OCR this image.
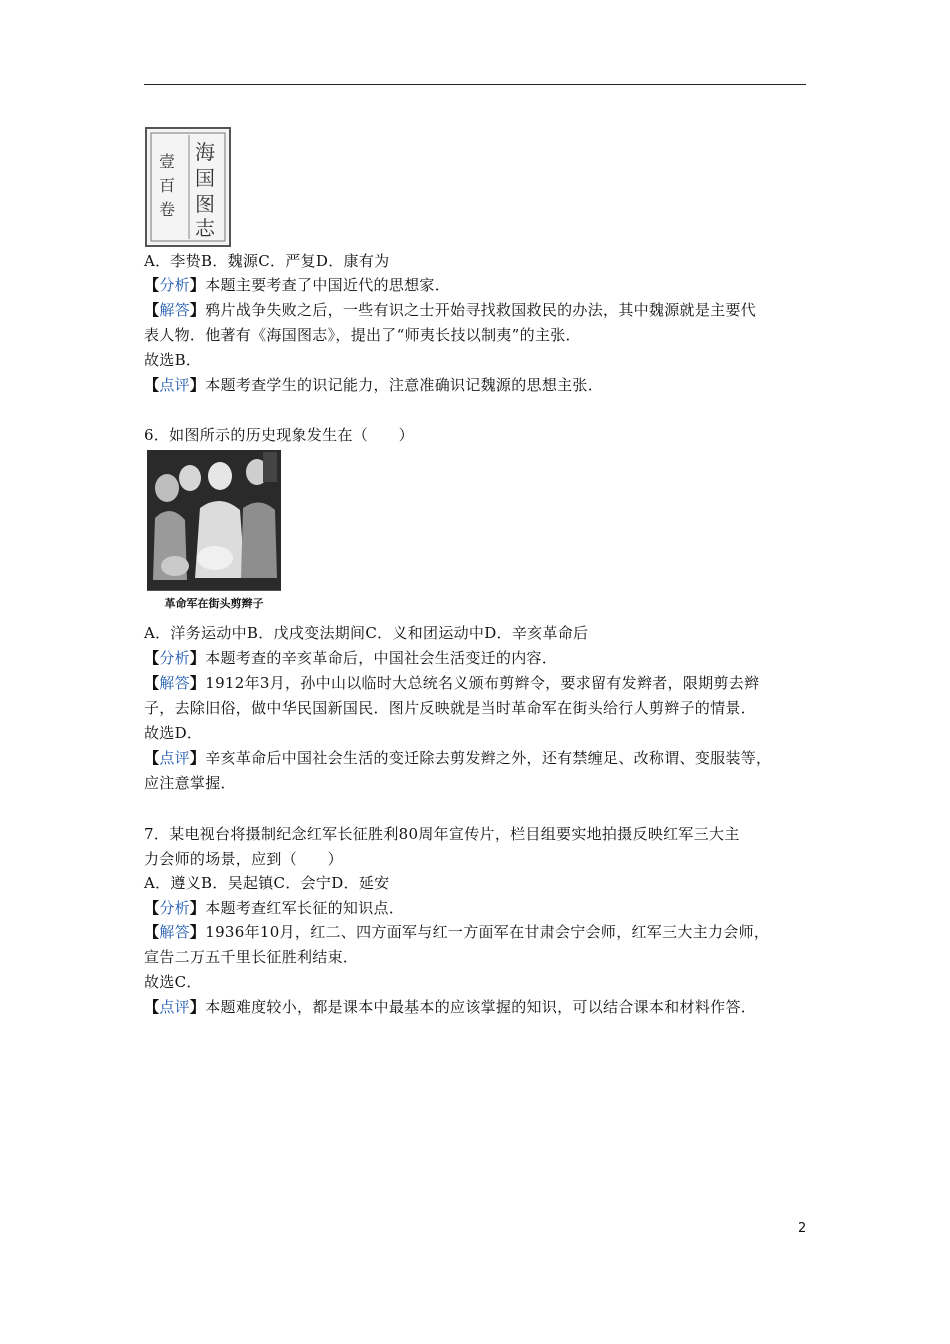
海
国
图
志
壹
百
卷
A．李贽B．魏源C．严复D．康有为
【分析】本题主要考查了中国近代的思想家．
【解答】鸦片战争失败之后，一些有识之士开始寻找救国救民的办法，其中魏源就是主要代
表人物．他著有《海国图志》，提出了“师夷长技以制夷”的主张．
故选B．
【点评】本题考查学生的识记能力，注意准确识记魏源的思想主张．
6．如图所示的历史现象发生在（　　）
革命军在街头剪辫子
A．洋务运动中B．戊戌变法期间C．义和团运动中D．辛亥革命后
【分析】本题考查的辛亥革命后，中国社会生活变迁的内容．
【解答】1912年3月，孙中山以临时大总统名义颁布剪辫令，要求留有发辫者，限期剪去辫
子，去除旧俗，做中华民国新国民．图片反映就是当时革命军在街头给行人剪辫子的情景．
故选D．
【点评】辛亥革命后中国社会生活的变迁除去剪发辫之外，还有禁缠足、改称谓、变服装等，
应注意掌握．
7．某电视台将摄制纪念红军长征胜利80周年宣传片，栏目组要实地拍摄反映红军三大主
力会师的场景，应到（　　）
A．遵义B．吴起镇C．会宁D．延安
【分析】本题考查红军长征的知识点．
【解答】1936年10月，红二、四方面军与红一方面军在甘肃会宁会师，红军三大主力会师，
宣告二万五千里长征胜利结束．
故选C．
【点评】本题难度较小，都是课本中最基本的应该掌握的知识，可以结合课本和材料作答．
2
